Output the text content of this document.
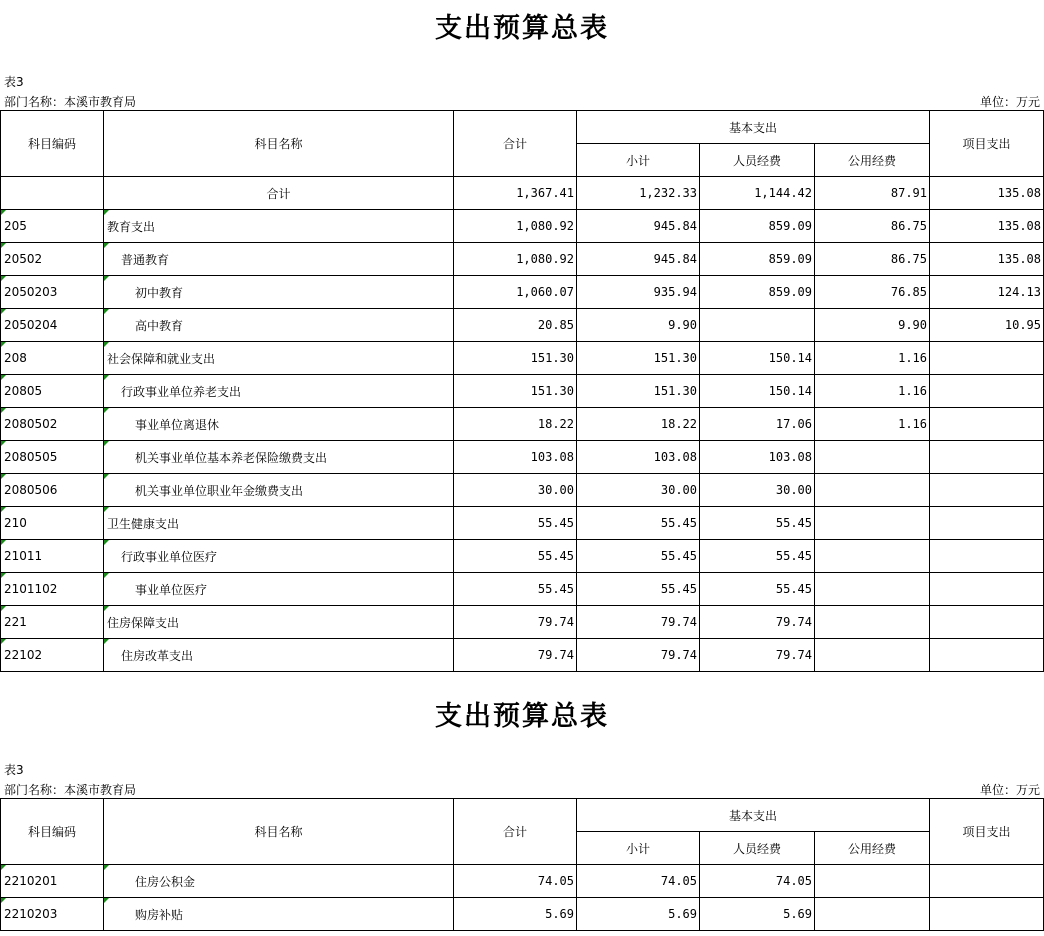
支出预算总表
表3
部门名称：本溪市教育局	单位：万元
科目编码	科目名称	合计	基本支出			项目支出
			小计	人员经费	公用经费	
	合计	1,367.41	1,232.33	1,144.42	87.91	135.08
205	教育支出	1,080.92	945.84	859.09	86.75	135.08
20502	普通教育	1,080.92	945.84	859.09	86.75	135.08
2050203	初中教育	1,060.07	935.94	859.09	76.85	124.13
2050204	高中教育	20.85	9.90		9.90	10.95
208	社会保障和就业支出	151.30	151.30	150.14	1.16	
20805	行政事业单位养老支出	151.30	151.30	150.14	1.16	
2080502	事业单位离退休	18.22	18.22	17.06	1.16	
2080505	机关事业单位基本养老保险缴费支出	103.08	103.08	103.08		
2080506	机关事业单位职业年金缴费支出	30.00	30.00	30.00		
210	卫生健康支出	55.45	55.45	55.45		
21011	行政事业单位医疗	55.45	55.45	55.45		
2101102	事业单位医疗	55.45	55.45	55.45		
221	住房保障支出	79.74	79.74	79.74		
22102	住房改革支出	79.74	79.74	79.74		
支出预算总表
表3
部门名称：本溪市教育局	单位：万元
科目编码	科目名称	合计	基本支出			项目支出
			小计	人员经费	公用经费	
2210201	住房公积金	74.05	74.05	74.05		
2210203	购房补贴	5.69	5.69	5.69		
